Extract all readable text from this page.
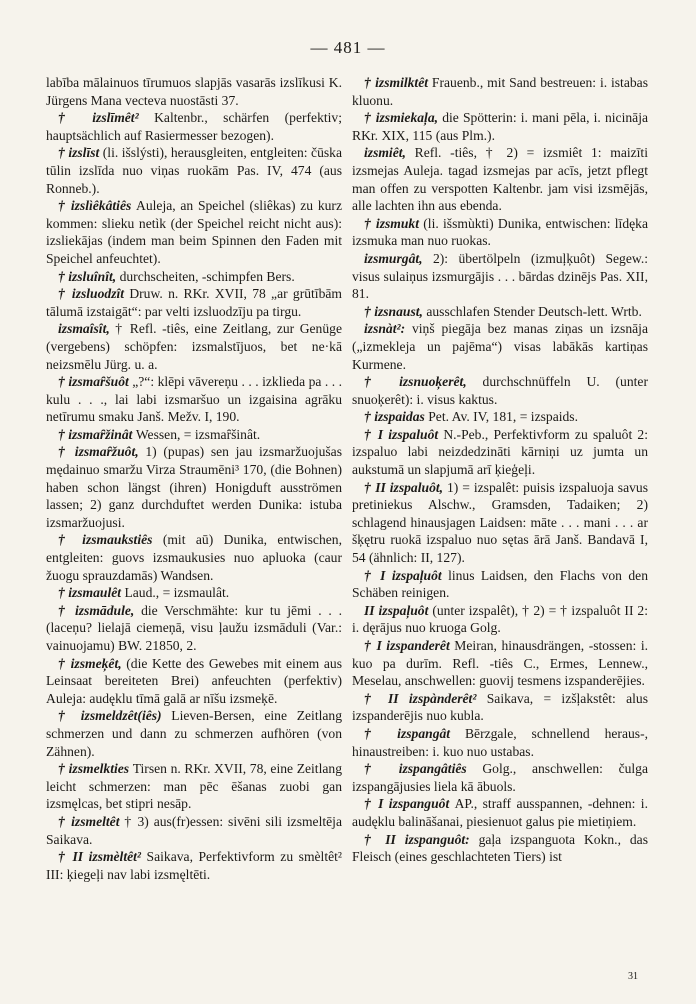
— 481 —

labība mālainuos tīrumuos slapjās vasarās izslīkusi K. Jürgens Mana vecteva nuostāsti 37.

† izslīmêt² Kaltenbr., schärfen (perfektiv; hauptsächlich auf Rasiermesser bezogen).

† izslīst (li. išslýsti), herausgleiten, entgleiten: čūska tūlin izslīda nuo viņas ruokām Pas. IV, 474 (aus Ronneb.).

† izslìêkâtiês Auleja, an Speichel (sliêkas) zu kurz kommen: slieku netìk (der Speichel reicht nicht aus): izsliekājas (indem man beim Spinnen den Faden mit Speichel anfeuchtet).

† izsluînît, durchscheiten, -schimpfen Bers.

† izsluodzît Druw. n. RKr. XVII, 78 „ar grūtībām tālumā izstaigāt“: par velti izsluodzīju pa tirgu.

izsmaîsît, † Refl. -tiês, eine Zeitlang, zur Genüge (vergebens) schöpfen: izsmalstījuos, bet ne·kā neizsmēlu Jürg. u. a.

† izsmaȓšuôt „?“: klēpi vāvereņu . . . izklieda pa . . . kulu . . ., lai labi izsmaršuo un izgaisina agrāku netīrumu smaku Janš. Mežv. I, 190.

† izsmaȓžinât Wessen, = izsmaȓšinât.

† izsmaȓžuôt, 1) (pupas) sen jau izsmaržuojušas mędainuo smaržu Virza Straumēni³ 170, (die Bohnen) haben schon längst (ihren) Honigduft ausströmen lassen; 2) ganz durchduftet werden Dunika: istuba izsmaržuojusi.

† izsmaukstiês (mit aū) Dunika, entwischen, entgleiten: guovs izsmaukusies nuo apluoka (caur žuogu sprauzdamās) Wandsen.

† izsmaulêt Laud., = izsmaulât.

† izsmādule, die Verschmähte: kur tu jēmi . . . (laceņu? lielajā ciemeņā, visu ļaužu izsmāduli (Var.: vainuojamu) BW. 21850, 2.

† izsmeķêt, (die Kette des Gewebes mit einem aus Leinsaat bereiteten Brei) anfeuchten (perfektiv) Auleja: audęklu tīmā galā ar nīšu izsmeķē.

† izsmeldzêt(iês) Lieven-Bersen, eine Zeitlang schmerzen und dann zu schmerzen aufhören (von Zähnen).

† izsmelkties Tirsen n. RKr. XVII, 78, eine Zeitlang leicht schmerzen: man pēc ēšanas zuobi gan izsmęlcas, bet stipri nesāp.

† izsmeltêt † 3) aus(fr)essen: sivēni sili izsmeltēja Saikava.

† II izsmèltêt² Saikava, Perfektivform zu smèltêt² III: ķiegeļi nav labi izsmęltēti.

† izsmilktêt Frauenb., mit Sand bestreuen: i. istabas kluonu.

† izsmiekaļa, die Spötterin: i. mani pēla, i. nicināja RKr. XIX, 115 (aus Plm.).

izsmiêt, Refl. -tiês, † 2) = izsmiêt 1: maizīti izsmejas Auleja. tagad izsmejas par acīs, jetzt pflegt man offen zu verspotten Kaltenbr. jam visi izsmējās, alle lachten ihn aus ebenda.

† izsmukt (li. išsmùkti) Dunika, entwischen: līdęka izsmuka man nuo ruokas.

izsmurgât, 2): übertölpeln (izmuļķuôt) Segew.: visus sulaiņus izsmurgājis . . . bārdas dzinējs Pas. XII, 81.

† izsnaust, ausschlafen Stender Deutsch-lett. Wrtb.

izsnàt²: viņš piegāja bez manas ziņas un izsnāja („izmekleja un pajēma“) visas labākās kartiņas Kurmene.

† izsnuoķerêt, durchschnüffeln U. (unter snuoķerêt): i. visus kaktus.

† izspaidas Pet. Av. IV, 181, = izspaids.

† I izspaluôt N.-Peb., Perfektivform zu spaluôt 2: izspaluo labi neizdedzināti kārniņi uz jumta un aukstumā un slapjumā arī ķieģeļi.

† II izspaluôt, 1) = izspalêt: puisis izspaluoja savus pretiniekus Alschw., Gramsden, Tadaiken; 2) schlagend hinausjagen Laidsen: māte . . . mani . . . ar šķętru ruokā izspaluo nuo sętas ārā Janš. Bandavā I, 54 (ähnlich: II, 127).

† I izspaļuôt linus Laidsen, den Flachs von den Schäben reinigen.

II izspaļuôt (unter izspalêt), † 2) = † izspaluôt II 2: i. dęrājus nuo kruoga Golg.

† I izspanderêt Meiran, hinausdrängen, -stossen: i. kuo pa durīm. Refl. -tiês C., Ermes, Lennew., Meselau, anschwellen: guovij tesmens izspanderējies.

† II izspànderêt² Saikava, = izšļakstêt: alus izspanderējis nuo kubla.

† izspangât Bērzgale, schnellend heraus-, hinaustreiben: i. kuo nuo ustabas.

† izspangâtiês Golg., anschwellen: čulga izspangājusies liela kā ābuols.

† I izspanguôt AP., straff ausspannen, -dehnen: i. audęklu balināšanai, piesienuot galus pie mietiņiem.

† II izspanguôt: gaļa izspanguota Kokn., das Fleisch (eines geschlachteten Tiers) ist

31
